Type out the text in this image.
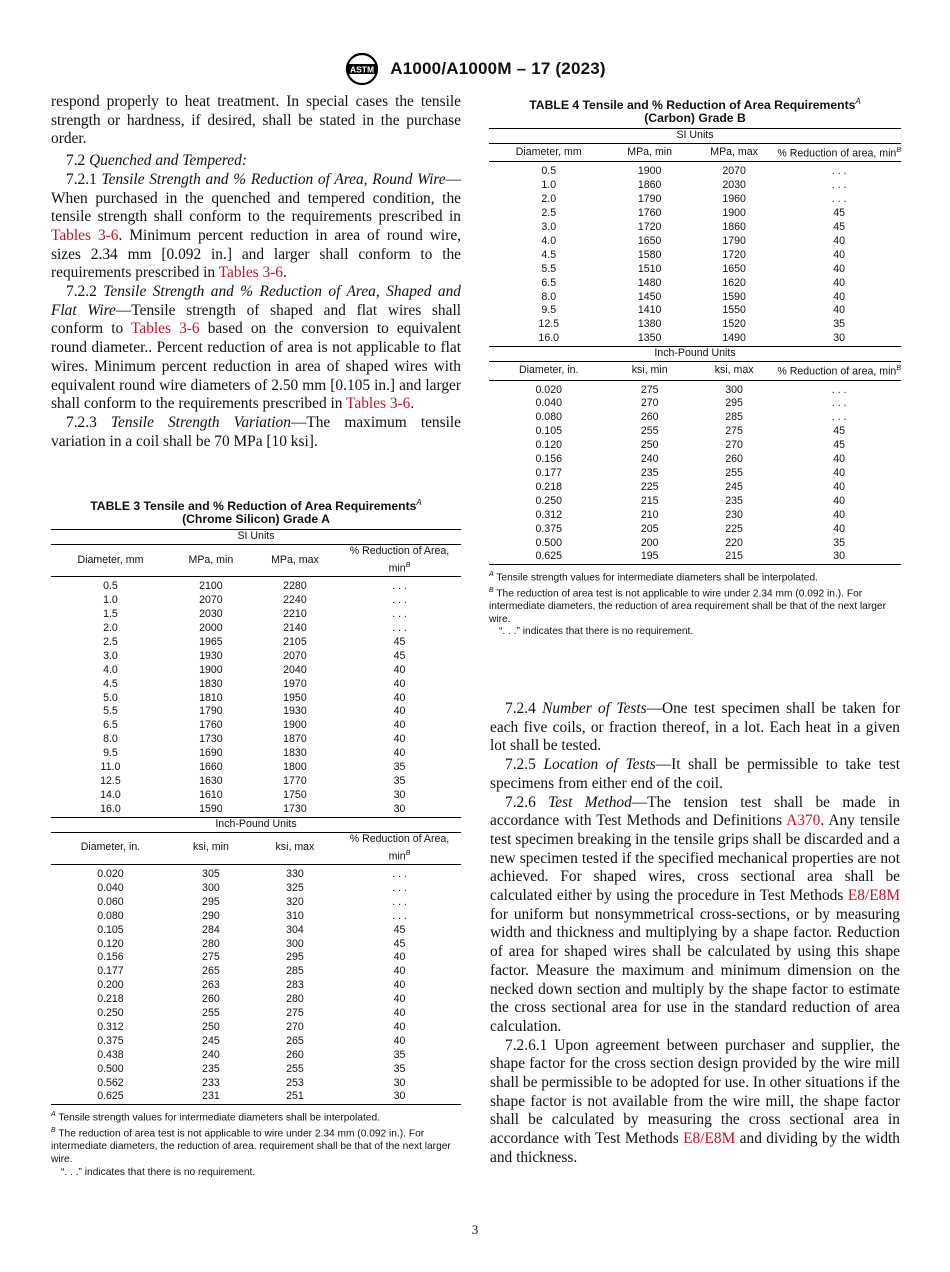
ASTM A1000/A1000M – 17 (2023)

respond properly to heat treatment. In special cases the tensile strength or hardness, if desired, shall be stated in the purchase order.

7.2 Quenched and Tempered:

7.2.1 Tensile Strength and % Reduction of Area, Round Wire—When purchased in the quenched and tempered condition, the tensile strength shall conform to the requirements prescribed in Tables 3-6. Minimum percent reduction in area of round wire, sizes 2.34 mm [0.092 in.] and larger shall conform to the requirements prescribed in Tables 3-6.

7.2.2 Tensile Strength and % Reduction of Area, Shaped and Flat Wire—Tensile strength of shaped and flat wires shall conform to Tables 3-6 based on the conversion to equivalent round diameter.. Percent reduction of area is not applicable to flat wires. Minimum percent reduction in area of shaped wires with equivalent round wire diameters of 2.50 mm [0.105 in.] and larger shall conform to the requirements prescribed in Tables 3-6.

7.2.3 Tensile Strength Variation—The maximum tensile variation in a coil shall be 70 MPa [10 ksi].

TABLE 3 Tensile and % Reduction of Area Requirements$^A$
(Chrome Silicon) Grade A
SI Units			
Diameter, mm	MPa, min	MPa, max	% Reduction of Area, $\min^B$
0.5	2100	2280	. . .
1.0	2070	2240	. . .
1.5	2030	2210	. . .
2.0	2000	2140	. . .
2.5	1965	2105	45
3.0	1930	2070	45
4.0	1900	2040	40
4.5	1830	1970	40
5.0	1810	1950	40
5.5	1790	1930	40
6.5	1760	1900	40
8.0	1730	1870	40
9.5	1690	1830	40
11.0	1660	1800	35
12.5	1630	1770	35
14.0	1610	1750	30
16.0	1590	1730	30
Inch-Pound Units			
Diameter, in.	ksi, min	ksi, max	% Reduction of Area, $\min^B$
0.020	305	330	. . .
0.040	300	325	. . .
0.060	295	320	. . .
0.080	290	310	. . .
0.105	284	304	45
0.120	280	300	45
0.156	275	295	40
0.177	265	285	40
0.200	263	283	40
0.218	260	280	40
0.250	255	275	40
0.312	250	270	40
0.375	245	265	40
0.438	240	260	35
0.500	235	255	35
0.562	233	253	30
0.625	231	251	30

$^A$ Tensile strength values for intermediate diameters shall be interpolated.

$^B$ The reduction of area test is not applicable to wire under 2.34 mm (0.092 in.). For intermediate diameters, the reduction of area. requirement shall be that of the next larger wire.

“. . .” indicates that there is no requirement.

TABLE 4 Tensile and % Reduction of Area Requirements$^A$
(Carbon) Grade B
SI Units			
Diameter, mm	MPa, min	MPa, max	% Reduction of area, $\min^B$
0.5	1900	2070	. . .
1.0	1860	2030	. . .
2.0	1790	1960	. . .
2.5	1760	1900	45
3.0	1720	1860	45
4.0	1650	1790	40
4.5	1580	1720	40
5.5	1510	1650	40
6.5	1480	1620	40
8.0	1450	1590	40
9.5	1410	1550	40
12.5	1380	1520	35
16.0	1350	1490	30
Inch-Pound Units			
Diameter, in.	ksi, min	ksi, max	% Reduction of area, $\min^B$
0.020	275	300	. . .
0.040	270	295	. . .
0.080	260	285	. . .
0.105	255	275	45
0.120	250	270	45
0.156	240	260	40
0.177	235	255	40
0.218	225	245	40
0.250	215	235	40
0.312	210	230	40
0.375	205	225	40
0.500	200	220	35
0.625	195	215	30

$^A$ Tensile strength values for intermediate diameters shall be interpolated.

$^B$ The reduction of area test is not applicable to wire under 2.34 mm (0.092 in.). For intermediate diameters, the reduction of area requirement shall be that of the next larger wire.

“. . .” indicates that there is no requirement.

7.2.4 Number of Tests—One test specimen shall be taken for each five coils, or fraction thereof, in a lot. Each heat in a given lot shall be tested.

7.2.5 Location of Tests—It shall be permissible to take test specimens from either end of the coil.

7.2.6 Test Method—The tension test shall be made in accordance with Test Methods and Definitions A370. Any tensile test specimen breaking in the tensile grips shall be discarded and a new specimen tested if the specified mechanical properties are not achieved. For shaped wires, cross sectional area shall be calculated either by using the procedure in Test Methods E8/E8M for uniform but nonsymmetrical cross-sections, or by measuring width and thickness and multiplying by a shape factor. Reduction of area for shaped wires shall be calculated by using this shape factor. Measure the maximum and minimum dimension on the necked down section and multiply by the shape factor to estimate the cross sectional area for use in the standard reduction of area calculation.

7.2.6.1 Upon agreement between purchaser and supplier, the shape factor for the cross section design provided by the wire mill shall be permissible to be adopted for use. In other situations if the shape factor is not available from the wire mill, the shape factor shall be calculated by measuring the cross sectional area in accordance with Test Methods E8/E8M and dividing by the width and thickness.

3
